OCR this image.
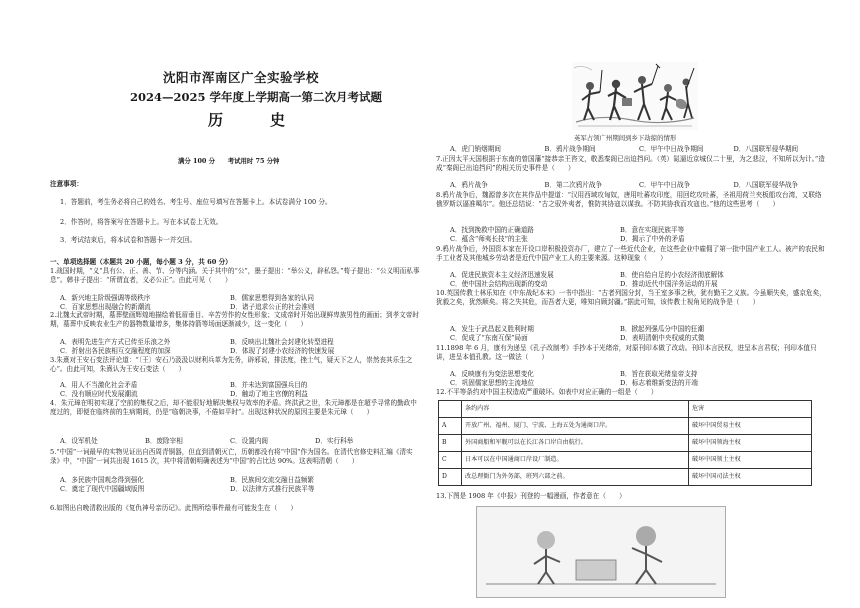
沈阳市浑南区广全实验学校
2024—2025 学年度上学期高一第二次月考试题
历　史
满分 100 分　　考试用时 75 分钟
注意事项：
1．答题前，考生务必将自己的姓名、考生号、座位号填写在答题卡上。本试卷满分 100 分。
2．作答时，将答案写在答题卡上。写在本试卷上无效。
3．考试结束后，将本试卷和答题卡一并交回。
一、单项选择题（本题共 20 小题，每小题 3 分，共 60 分）
1.战国时期，“义”具有公、正、善、节、分等内涵。关于其中的“公”，墨子提出：“举公义，辟私怨。”荀子提出：“公义明而私事息”。韩非子提出：“所谓直者，义必公正”。由此可见（　　）
A．新兴地主阶级强调等级秩序	B．儒家思想得到各家的认同
C．百家思想出现融合的新潮流	D．诸子追求公正的社会准则
2.北魏太武帝时期，墓葬壁画辉煌地描绘着低眉垂目、辛苦劳作的女性形象；文成帝时开始出现鲜卑族男性的画面；到孝文帝时期，墓葬中反映农业生产的器物数量增多，集体持箭等场面逐渐减少，这一变化（　　）
A．表明先进生产方式已传至乐浪之外	B．反映出北魏社会封建化转型进程
C．折射出各民族相互交融程度的加深	D．体现了封建小农经济的快速发展
3.朱熹对王安石变法评论道：“〔王〕安石乃汲汲以财利兵革为先务，辟邪说，排法度，挫士气，疑天下之人，崇然丧其乐生之心”。由此可知，朱熹认为王安石变法（　　）
A．用人不当激化社会矛盾	B．并未达到富国强兵目的
C．没有顺应时代发展潮流	D．触动了地主官僚的利益
4．朱元璋在明初实现了空前的集权之后，却不能很好地解决集权与效率的矛盾。终洪武之世，朱元璋都是在超乎寻常的勤政中度过的，即便在临终前的生病期间，仍是“临朝决事，不倦如平时”。出现这种状况的原因主要是朱元璋（　　）
A．设军机处	B．废除宰相	C．设置内阁	D．实行科举
5.“中国”一词最早的实物见证出自西周青铜器，但直到清朝灭亡，历朝都没有将“中国”作为国名。在清代官修史料汇编《清实录》中，“中国”一词共出现 1615 次，其中将清朝明确表述为“中国”的占比达 90%。这表明清朝（　　）
A．多民族中国观念得到强化	B．民族间交流交融日益频繁
C．奠定了现代中国疆域版图	D．以法律方式推行民族平等
6.如图出自晚清救出版的《复仇神号亲历记》。此图所绘事件最有可能发生在（　　）
英军占领广州期间到乡下劫掠的情形
A．虎门销烟期间	B．鸦片战争期间	C．甲午中日战争期间	D．八国联军侵华期间
7.正因太平天国根据于东南的曾国藩“接恭亲王咨文，敬悉秦阁已出迫挡问。（英）氮逼近京城仅二十里，为之悲泣，不知所以为计。”造成“秦阁已出迫挡问”的相关历史事件是（　　）
A．鸦片战争	B．第二次鸦片战争	C．甲午中日战争	D．八国联军侵华战争
8.鸦片战争后，魏源曾多次在其作品中提道：“汉用西域攻匈奴，唐用吐蕃攻印度，用回纥攻吐蕃，圣祖用荷兰夹板船攻台湾，又联络俄罗斯以逼准噶尔”。他还总结说：“古之驭外夷者，惟防其协寇以谋我。不防其协我而攻寇也。”他的这些思考（　　）
A．找到挽救中国的正确道路	B．意在实现民族平等
C．蕴含“师夷长技”的主张	D．揭示了中外的矛盾
9.鸦片战争后，外国资本家在开设口岸积极投资办厂，建立了一些近代企业，在这些企业中雇佣了第一批中国产业工人。被产的农民和手工业者及其他城乡劳动者是近代中国产业工人的主要来源。这种现象（　　）
A．促进民族资本主义经济迅速发展	B．使自给自足的小农经济彻底解体
C．使中国社会结构出现新的变动	D．推动近代中国洋务运动的开展
10.英国传教士林乐知在《中东战纪本末》一书中指出：“古者列国分封，当王室多事之秋，犹有勤王之义族。今虽顺失矣，盛京危矣，犹毅之矣，犹然顺矣。将之失其危，而吾者大更，唯知自顾封疆。”据此可知，该传教士视角见的战争是（　　）
A．发生于武昌起义胜利时期	B．掀起列强瓜分中国的狂潮
C．促成了“东南互保”局面	D．表明清朝中央权威的式微
11.1898 年 6 月，康有为递呈《孔子改制考》手抄本于光绪帝，对原刊印本做了改动。刊印本言民权，进呈本言君权；刊印本值只讲，进呈本值孔教。这一做法（　　）
A．反映康有为变法思想变化	B．旨在获取光绪皇帝支持
C．巩固儒家思想的主流地位	D．标志着维新变法的开端
12.不平等条约对中国主权造成严重破坏。如表中对应正确的一组是（　　）
	条约内容	危害
A	开放广州、福州、厦门、宁波、上海五处为通商口岸。	破坏中国贸易主权
B	外国商船和军舰可以在长江各口岸自由航行。	破坏中国领海主权
C	日本可以在中国通商口岸设厂制造。	破坏中国领土主权
D	改总理衙门为外务部，班列六部之前。	破坏中国司法主权
13.下图是 1908 年《申报》刊登的一幅漫画，作者意在（　　）
